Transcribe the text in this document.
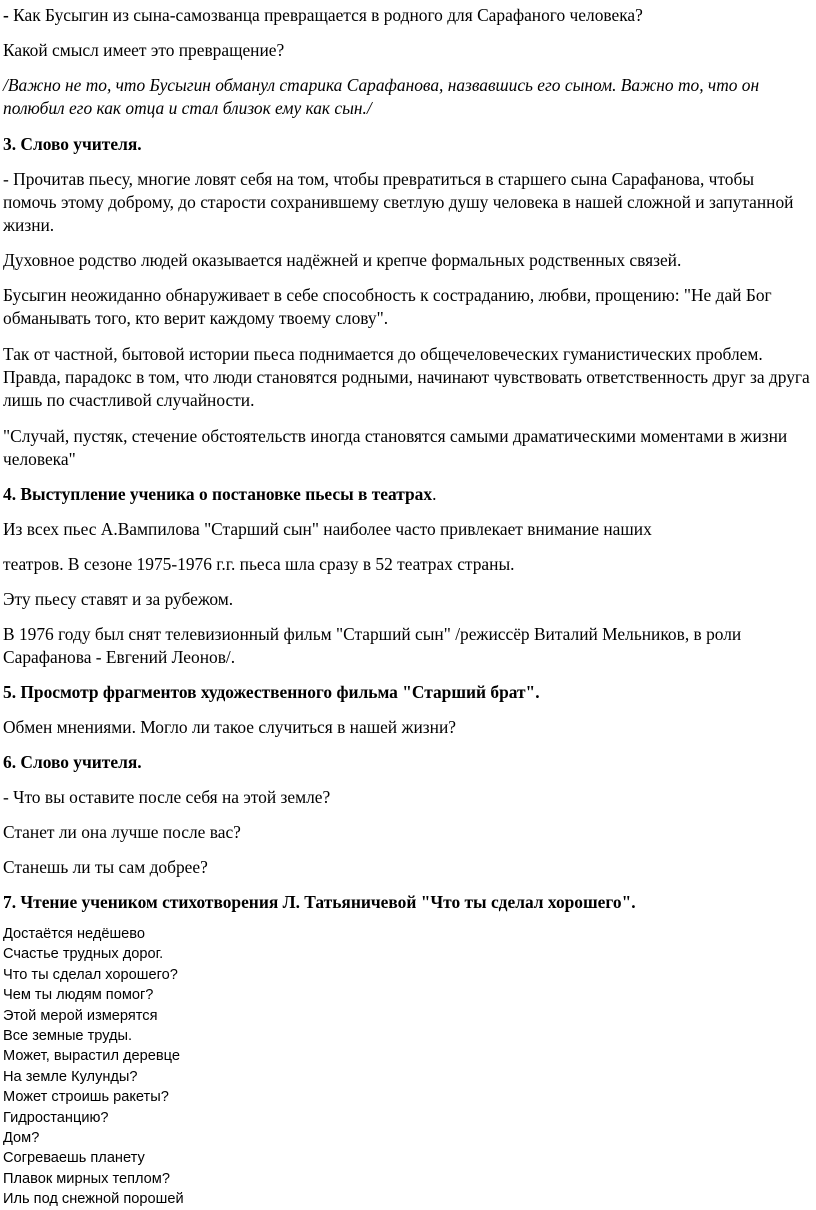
- Как Бусыгин из сына-самозванца превращается в родного для Сарафаного человека?

Какой смысл имеет это превращение?

/Важно не то, что Бусыгин обманул старика Сарафанова, назвавшись его сыном. Важно то, что он полюбил его как отца и стал близок ему как сын./

3. Слово учителя.

- Прочитав пьесу, многие ловят себя на том, чтобы превратиться в старшего сына Сарафанова, чтобы помочь этому доброму, до старости сохранившему светлую душу человека в нашей сложной и запутанной жизни.

Духовное родство людей оказывается надёжней и крепче формальных родственных связей.

Бусыгин неожиданно обнаруживает в себе способность к состраданию, любви, прощению: "Не дай Бог обманывать того, кто верит каждому твоему слову".

Так от частной, бытовой истории пьеса поднимается до общечеловеческих гуманистических проблем. Правда, парадокс в том, что люди становятся родными, начинают чувствовать ответственность друг за друга лишь по счастливой случайности.

"Случай, пустяк, стечение обстоятельств иногда становятся самыми драматическими моментами в жизни человека"

4. Выступление ученика о постановке пьесы в театрах.

Из всех пьес А.Вампилова "Старший сын" наиболее часто привлекает внимание наших

театров. В сезоне 1975-1976 г.г. пьеса шла сразу в 52 театрах страны.

Эту пьесу ставят и за рубежом.

В 1976 году был снят телевизионный фильм "Старший сын" /режиссёр Виталий Мельников, в роли Сарафанова - Евгений Леонов/.

5. Просмотр фрагментов художественного фильма "Старший брат".

Обмен мнениями. Могло ли такое случиться в нашей жизни?

6. Слово учителя.

- Что вы оставите после себя на этой земле?

Станет ли она лучше после вас?

Станешь ли ты сам добрее?

7. Чтение учеником стихотворения Л. Татьяничевой "Что ты сделал хорошего".

Достаётся недёшево
Счастье трудных дорог.
Что ты сделал хорошего?
Чем ты людям помог?
Этой мерой измерятся
Все земные труды.
Может, вырастил деревце
На земле Кулунды?
Может строишь ракеты?
Гидростанцию?
Дом?
Согреваешь планету
Плавок мирных теплом?
Иль под снежной порошей
